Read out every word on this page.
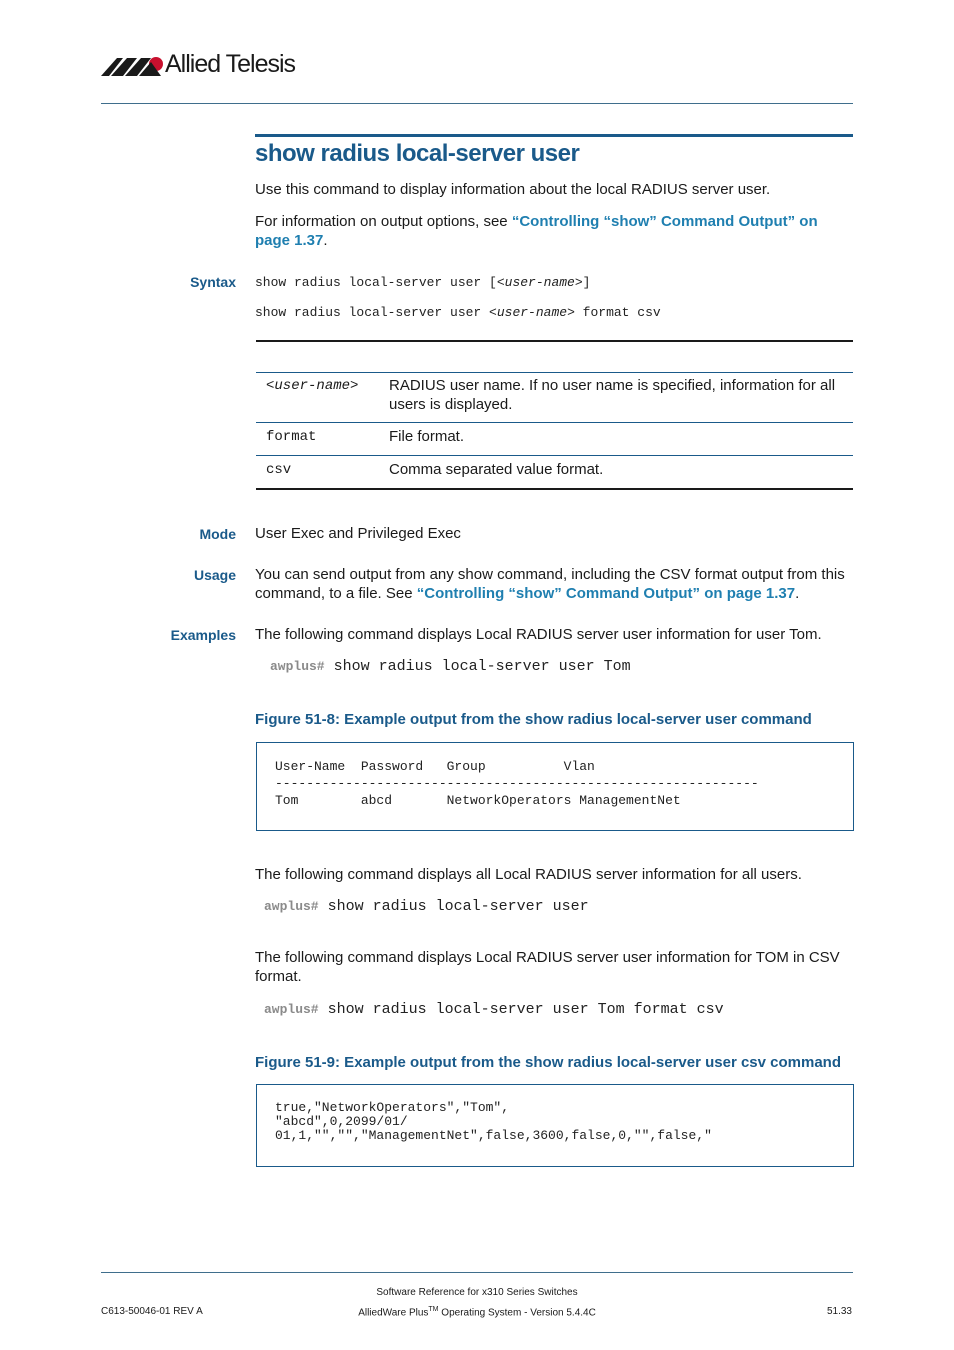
Allied Telesis
show radius local-server user
Use this command to display information about the local RADIUS server user.
For information on output options, see “Controlling “show” Command Output” on page 1.37.
Syntax show radius local-server user [<user-name>]
show radius local-server user <user-name> format csv
<user-name>	RADIUS user name. If no user name is specified, information for all users is displayed.
format	File format.
csv	Comma separated value format.
Mode User Exec and Privileged Exec
Usage You can send output from any show command, including the CSV format output from this command, to a file. See “Controlling “show” Command Output” on page 1.37.
Examples The following command displays Local RADIUS server user information for user Tom.
awplus# show radius local-server user Tom
Figure 51-8: Example output from the show radius local-server user command
User-Name  Password   Group          Vlan
--------------------------------------------------------------
Tom        abcd       NetworkOperators ManagementNet
The following command displays all Local RADIUS server information for all users.
awplus# show radius local-server user
The following command displays Local RADIUS server user information for TOM in CSV format.
awplus# show radius local-server user Tom format csv
Figure 51-9: Example output from the show radius local-server user csv command
true,"NetworkOperators","Tom",
"abcd",0,2099/01/
01,1,"","","ManagementNet",false,3600,false,0,"",false,"
Software Reference for x310 Series Switches
C613-50046-01 REV A	AlliedWare Plus™ Operating System - Version 5.4.4C	51.33
